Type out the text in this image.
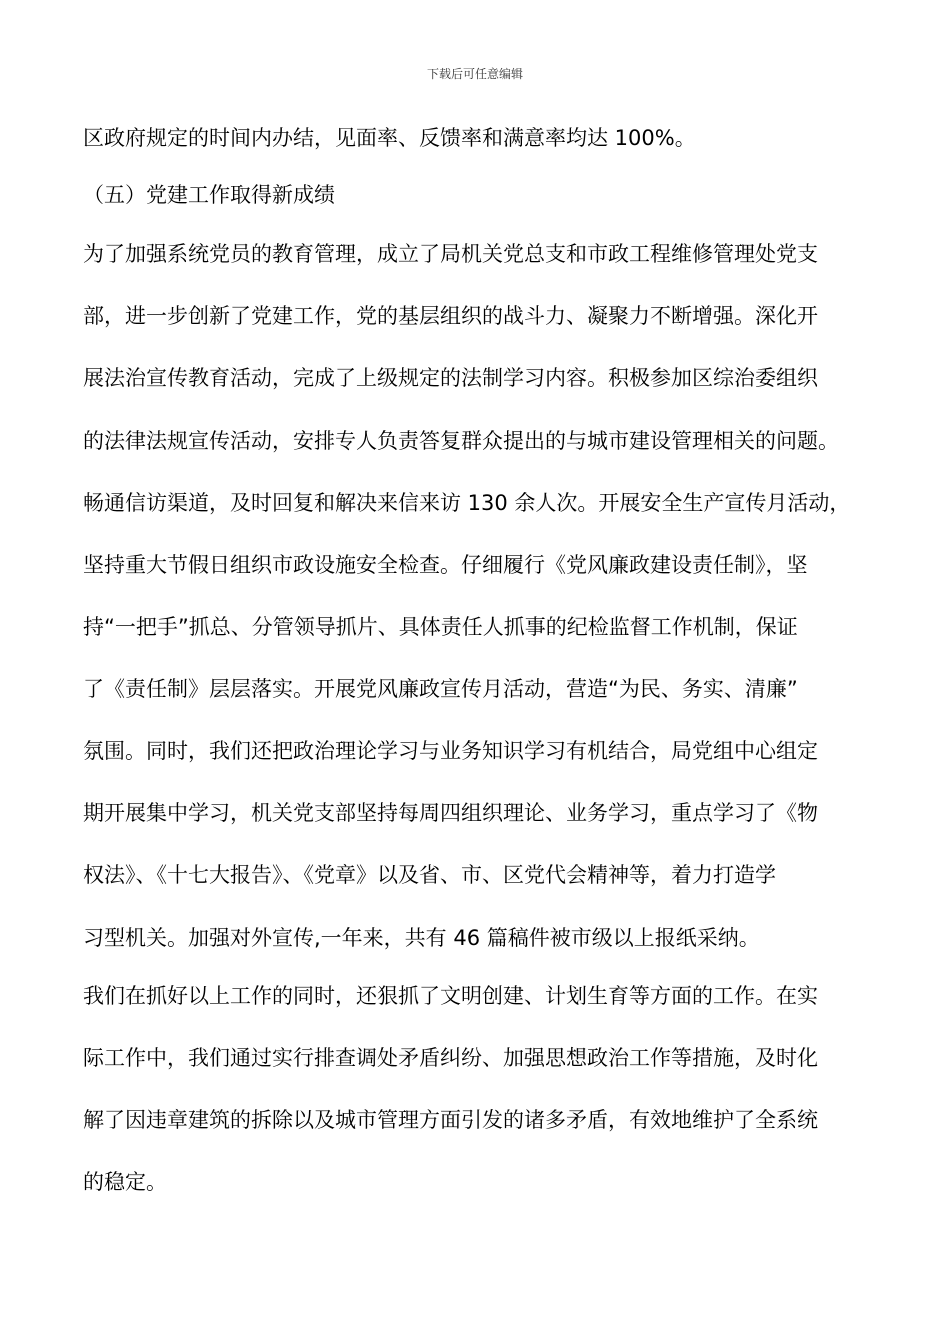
下载后可任意编辑
区政府规定的时间内办结，见面率、反馈率和满意率均达 100%。
（五）党建工作取得新成绩
为了加强系统党员的教育管理，成立了局机关党总支和市政工程维修管理处党支
部，进一步创新了党建工作，党的基层组织的战斗力、凝聚力不断增强。深化开
展法治宣传教育活动，完成了上级规定的法制学习内容。积极参加区综治委组织
的法律法规宣传活动，安排专人负责答复群众提出的与城市建设管理相关的问题。
畅通信访渠道，及时回复和解决来信来访 130 余人次。开展安全生产宣传月活动，
坚持重大节假日组织市政设施安全检查。仔细履行《党风廉政建设责任制》，坚
持“一把手”抓总、分管领导抓片、具体责任人抓事的纪检监督工作机制，保证
了《责任制》层层落实。开展党风廉政宣传月活动，营造“为民、务实、清廉”
氛围。同时，我们还把政治理论学习与业务知识学习有机结合，局党组中心组定
期开展集中学习，机关党支部坚持每周四组织理论、业务学习，重点学习了《物
权法》、《十七大报告》、《党章》以及省、市、区党代会精神等，着力打造学
习型机关。加强对外宣传,一年来，共有 46 篇稿件被市级以上报纸采纳。
我们在抓好以上工作的同时，还狠抓了文明创建、计划生育等方面的工作。在实
际工作中，我们通过实行排查调处矛盾纠纷、加强思想政治工作等措施，及时化
解了因违章建筑的拆除以及城市管理方面引发的诸多矛盾，有效地维护了全系统
的稳定。
